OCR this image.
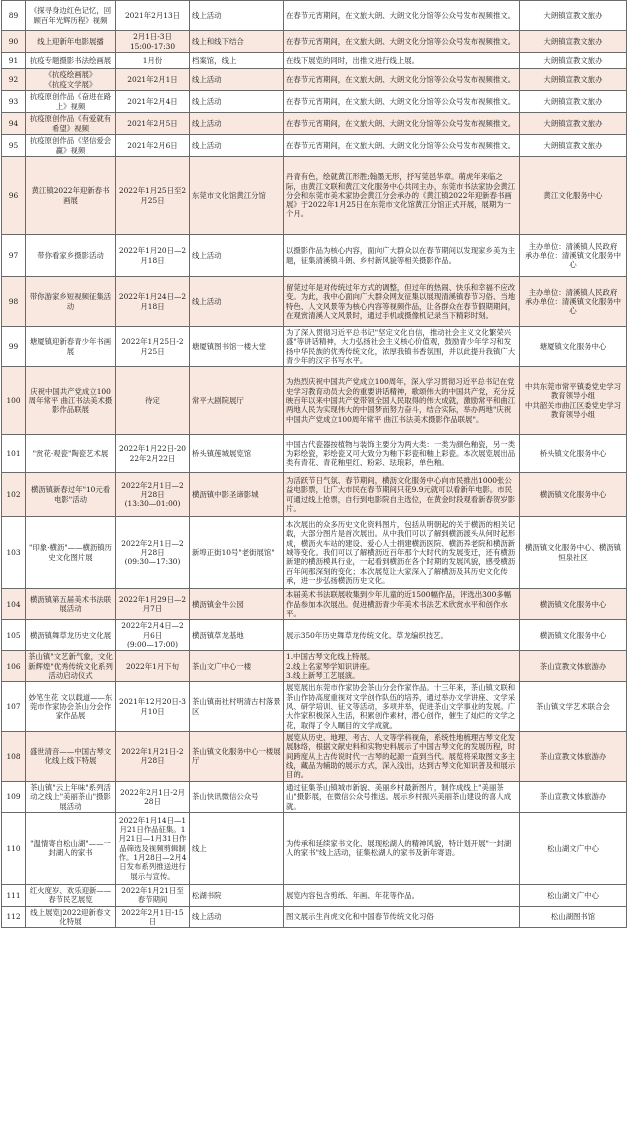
89	《探寻身边红色记忆，回顾百年光辉历程》视频	2021年2月13日	线上活动	在春节元宵期间，在文旅大朗、大朗文化分馆等公众号发布视频推文。	大朗镇宣教文旅办
90	线上迎新年电影展播	2月1日-3日
15:00-17:30	线上和线下结合	在春节元宵期间，在文旅大朗、大朗文化分馆等公众号发布视频推文。	大朗镇宣教文旅办
91	抗疫专题摄影书法绘画展	1月份	档案馆，线上	在线下展览的同时，出推文进行线上展。	大朗镇宣教文旅办
92	《抗疫绘画展》
《抗疫文学展》	2021年2月1日	线上活动	在春节元宵期间，在文旅大朗、大朗文化分馆等公众号发布视频推文。	大朗镇宣教文旅办
93	抗疫原创作品《奋进在路上》视频	2021年2月4日	线上活动	在春节元宵期间，在文旅大朗、大朗文化分馆等公众号发布视频推文。	大朗镇宣教文旅办
94	抗疫原创作品《有爱就有希望》视频	2021年2月5日	线上活动	在春节元宵期间，在文旅大朗、大朗文化分馆等公众号发布视频推文。	大朗镇宣教文旅办
95	抗疫原创作品《坚信爱会赢》视频	2021年2月6日	线上活动	在春节元宵期间，在文旅大朗、大朗文化分馆等公众号发布视频推文。	大朗镇宣教文旅办
96	黄江镇2022年迎新春书画展	2022年1月25日至2月25日	东莞市文化馆黄江分馆	丹青有色，绘就黄江形胜;翰墨无形，抒写莞邑华章。萌虎年来临之际，由黄江文联和黄江文化服务中心共同主办，东莞市书法家协会黄江分会和东莞市美术家协会黄江分会承办的《黄江镇2022年迎新春书画展》于2022年1月25日在东莞市文化馆黄江分馆正式开展，展期为一个月。	黄江文化服务中心
97	带你看家乡摄影活动	2022年1月20日—2月18日	线上活动	以摄影作品为核心内容，面向广大群众以在春节期间以发现家乡美为主题，征集清溪镇斗朗、乡村新风貌等相关摄影作品。	主办单位：清溪镇人民政府
承办单位：清溪镇文化服务中心
98	带你游家乡短视频征集活动	2022年1月24日—2月18日	线上活动	留莞过年是对传统过年方式的调整，但过年的热闹、快乐和幸福不应改变。为此，我中心面向广大群众网友征集以展现清溪镇春节习俗、当地特色、人文风景等为核心内容等视频作品，让各群众在春节假期期间，在观赏清溪人文风景时，通过手机或摄像机记录当下精彩时刻。	主办单位：清溪镇人民政府
承办单位：清溪镇文化服务中心
99	塘厦镇迎新春青少年书画展	2022年1月25日-2月25日	塘厦镇图书馆一楼大堂	为了深入贯彻习近平总书记"坚定文化自信，推动社会主义文化繁荣兴盛"等讲话精神，大力弘扬社会主义核心价值观，鼓励青少年学习和发扬中华民族的优秀传统文化，浓厚我镇书香氛围，并以此提升我镇广大青少年的汉字书写水平。	塘厦镇文化服务中心
100	庆祝中国共产党成立100周年常平 曲江书法美术摄影作品联展	待定	常平大剧院展厅	为热烈庆祝中国共产党成立100周年，深入学习贯彻习近平总书记在党史学习教育动员大会的重要讲话精神，歌颂伟大的中国共产党，充分反映百年以来中国共产党带领全国人民取得的伟大成就，激励常平和曲江两地人民为实现伟大的中国梦而努力奋斗，结合实际，举办两地"庆祝中国共产党成立100周年常平 曲江书法美术摄影作品联展"。	中共东莞市常平镇委党史学习教育领导小组
中共韶关市曲江区委党史学习教育领导小组
101	"赏花·观瓷"陶瓷艺术展	2022年1月22日-2022年2月22日	桥头镇莲城展览馆	中国古代瓷器按植物与装饰主要分为两大类：一类为颜色釉瓷，另一类为彩绘瓷，彩绘瓷又可大致分为釉下彩瓷和釉上彩瓷。本次展览展出品类有青花、青花釉里红、粉彩、珐琅彩，单色釉。	桥头镇文化服务中心
102	横沥镇新春过年"10元看电影"活动	2022年2月1日—2月28日
(13:30—01:00)	横沥镇中影圣谛影城	为活跃节日气氛、春节期间，横沥文化服务中心向市民推出1000张公益电影票，让广大市民在春节期间只花9.9元就可以看新年电影。市民可通过线上抢票，自行到电影院自主选位，在黄金时段观看新春贺岁影片。	横沥镇文化服务中心
103	"印象·横沥"——横沥镇历史文化图片展	2022年2月1日—2月28日
(09:30—17:30)	新埠正街10号"老街展馆"	本次展出的众多历史文化资料图片，包括从明朝起的关于横沥的相关记载，大部分图片是首次展出。从中我们可以了解到横沥渡头从何时起形成，横沥火车站的建设、爱心人士捐建横沥医院、横沥养老院和横沥新城等变化。我们可以了解横沥近百年那个大时代的发展变迁，还有横沥新建的横沥模具行业，一起看到横沥在各个时期的发展风貌，感受横沥百年间那深刻的变化；本次展览让大家深入了解横沥及其历史文化传承，进一步弘扬横沥历史文化。	横沥镇文化服务中心、横沥镇恒泉社区
104	横沥镇第五届美术书法联展活动	2022年1月29日—2月7日	横沥镇金牛公园	本届美术书法联展收集到少年儿童的近1500幅作品，评选出300多幅作品参加本次展出。促进横沥青少年美术书法艺术欣赏水平和创作水平。	横沥镇文化服务中心
105	横沥镇舞草龙历史文化展	2022年2月4日—2月6日
(9:00—17:00)	横沥镇草龙基地	展示350年历史舞草龙传统文化。草龙编织技艺。	横沥镇文化服务中心
106	茶山镇"文艺新气象，文化新辉煌"优秀传统文化系列活动启动仪式	2022年1月下旬	茶山文广中心一楼	1.中国古琴文化线上特展。
2.线上名家琴学知识讲座。
3.线上新琴工艺展演。	茶山宣教文体旅游办
107	妙笔生花 文以载道——东莞市作家协会茶山分会作家作品展	2021年12月20日-3月10日	茶山镇南社村明清古村落景区	展览展出东莞市作家协会茶山分会作家作品。十三年来，茶山镇文联和茶山作协高度重视对文学创作队伍的培养，通过举办文学讲座、文学采风、研学培训、征文等活动，多项并举，促进茶山文学事业的发展。广大作家积极深入生活，积累创作素材，潜心创作，催生了灿烂的文学之花，取得了令人瞩目的文学成就。	茶山镇文学艺术联合会
108	盛世清音——中国古琴文化线上线下特展	2022年1月21日-2月28日	茶山镇文化服务中心一楼展厅	展览从历史、地理、考古、人文等学科视角，系统性地梳理古琴文化发展脉络，根据文献史料和实物史料展示了中国古琴文化的发展历程，时间跨度从上古传说时代一古琴的起源一直到当代。展览将采取图文多主线，藏品为辅助的展示方式，深入浅出，达到古琴文化知识普及和展示目的。	茶山宣教文体旅游办
109	茶山镇"云上年味"系列活动之线上"美丽茶山"摄影展活动	2022年2月1日-2月28日	茶山快讯微信公众号	通过征集茶山镇城市新貌、美丽乡村最新图片，制作成线上"美丽茶山"摄影展，在微信公众号推送。展示乡村振兴美丽茶山建设的喜人成就。	茶山宣教文体旅游办
110	"温情寄自松山湖"——一封湖人的家书	2022年1月14日—1月21日作品征集。1月21日—1月31日作品筛选及视频剪辑制作。1月28日—2月4日发布系列推送进行展示与宣传。	线上	为传承和延续家书文化、展现松湖人的精神风貌，特计划开展"一封湖人的家书"线上活动，征集松湖人的家书及新年寄语。	松山湖文广中心
111	红火度岁、欢乐迎新——春节民艺展览	2022年1月21日至春节期间	松湖书院	展览内容包含剪纸、年画、年花等作品。	松山湖文广中心
112	线上展览|2022迎新春文化特展	2022年2月1日-15日	线上活动	图文展示生肖虎文化和中国春节传统文化习俗	松山湖图书馆
